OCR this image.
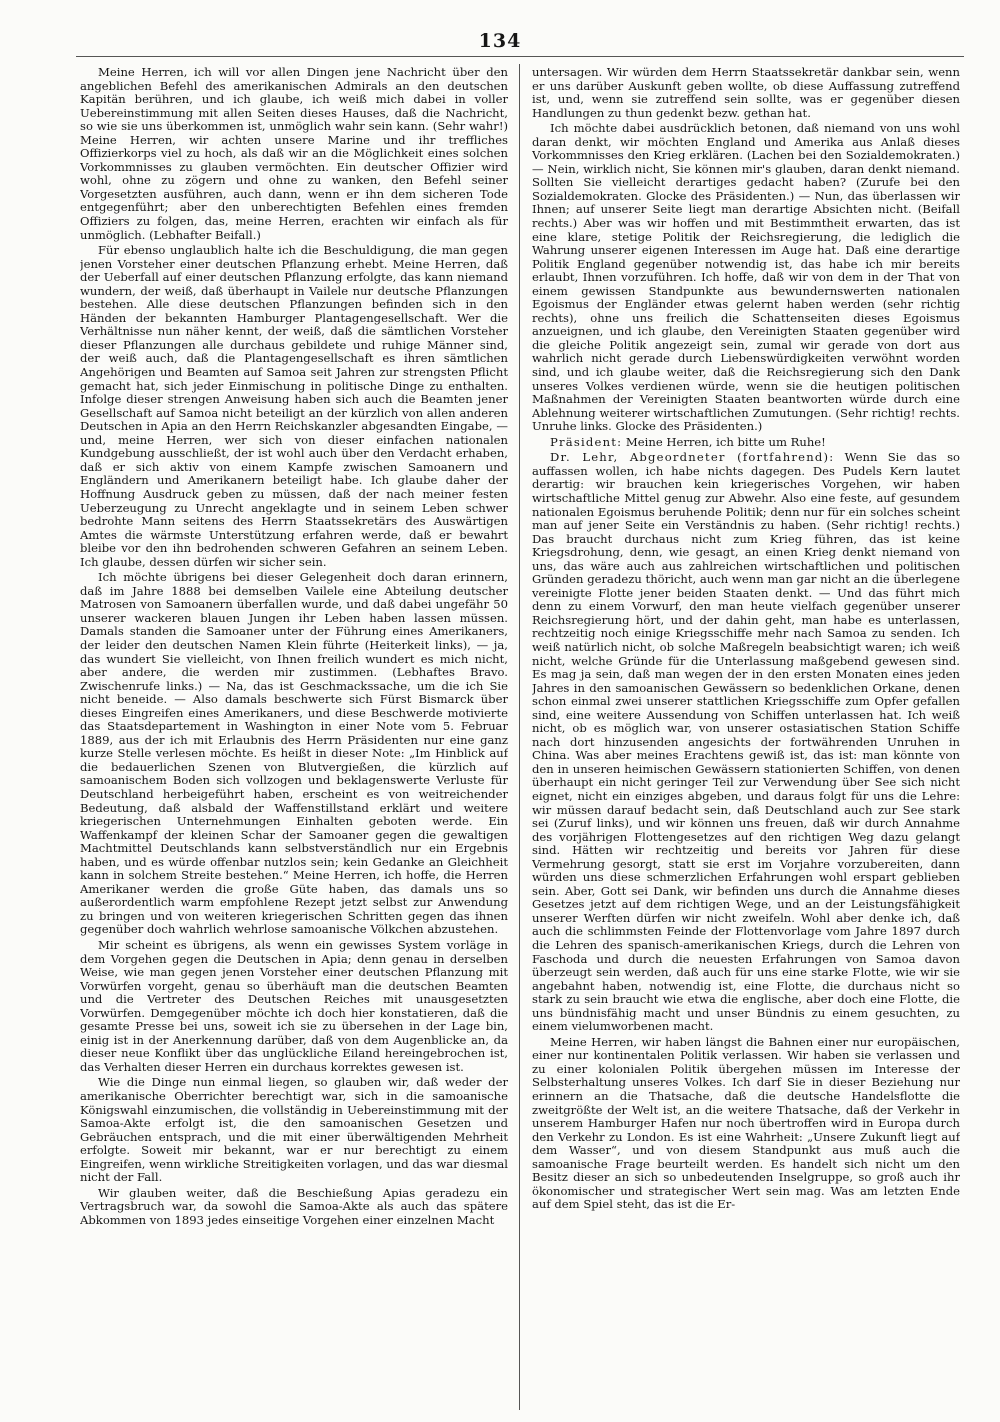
134

Meine Herren, ich will vor allen Dingen jene Nachricht über den angeblichen Befehl des amerikanischen Admirals an den deutschen Kapitän berühren, und ich glaube, ich weiß mich dabei in voller Uebereinstimmung mit allen Seiten dieses Hauses, daß die Nachricht, so wie sie uns überkommen ist, unmöglich wahr sein kann. (Sehr wahr!) Meine Herren, wir achten unsere Marine und ihr treffliches Offizierkorps viel zu hoch, als daß wir an die Möglichkeit eines solchen Vorkommnisses zu glauben vermöchten. Ein deutscher Offizier wird wohl, ohne zu zögern und ohne zu wanken, den Befehl seiner Vorgesetzten ausführen, auch dann, wenn er ihn dem sicheren Tode entgegenführt; aber den unberechtigten Befehlen eines fremden Offiziers zu folgen, das, meine Herren, erachten wir einfach als für unmöglich. (Lebhafter Beifall.)

Für ebenso unglaublich halte ich die Beschuldigung, die man gegen jenen Vorsteher einer deutschen Pflanzung erhebt. Meine Herren, daß der Ueberfall auf einer deutschen Pflanzung erfolgte, das kann niemand wundern, der weiß, daß überhaupt in Vailele nur deutsche Pflanzungen bestehen. Alle diese deutschen Pflanzungen befinden sich in den Händen der bekannten Hamburger Plantagengesellschaft. Wer die Verhältnisse nun näher kennt, der weiß, daß die sämtlichen Vorsteher dieser Pflanzungen alle durchaus gebildete und ruhige Männer sind, der weiß auch, daß die Plantagengesellschaft es ihren sämtlichen Angehörigen und Beamten auf Samoa seit Jahren zur strengsten Pflicht gemacht hat, sich jeder Einmischung in politische Dinge zu enthalten. Infolge dieser strengen Anweisung haben sich auch die Beamten jener Gesellschaft auf Samoa nicht beteiligt an der kürzlich von allen anderen Deutschen in Apia an den Herrn Reichskanzler abgesandten Eingabe, — und, meine Herren, wer sich von dieser einfachen nationalen Kundgebung ausschließt, der ist wohl auch über den Verdacht erhaben, daß er sich aktiv von einem Kampfe zwischen Samoanern und Engländern und Amerikanern beteiligt habe. Ich glaube daher der Hoffnung Ausdruck geben zu müssen, daß der nach meiner festen Ueberzeugung zu Unrecht angeklagte und in seinem Leben schwer bedrohte Mann seitens des Herrn Staatssekretärs des Auswärtigen Amtes die wärmste Unterstützung erfahren werde, daß er bewahrt bleibe vor den ihn bedrohenden schweren Gefahren an seinem Leben. Ich glaube, dessen dürfen wir sicher sein.

Ich möchte übrigens bei dieser Gelegenheit doch daran erinnern, daß im Jahre 1888 bei demselben Vailele eine Abteilung deutscher Matrosen von Samoanern überfallen wurde, und daß dabei ungefähr 50 unserer wackeren blauen Jungen ihr Leben haben lassen müssen. Damals standen die Samoaner unter der Führung eines Amerikaners, der leider den deutschen Namen Klein führte (Heiterkeit links), — ja, das wundert Sie vielleicht, von Ihnen freilich wundert es mich nicht, aber andere, die werden mir zustimmen. (Lebhaftes Bravo. Zwischenrufe links.) — Na, das ist Geschmackssache, um die ich Sie nicht beneide. — Also damals beschwerte sich Fürst Bismarck über dieses Eingreifen eines Amerikaners, und diese Beschwerde motivierte das Staatsdepartement in Washington in einer Note vom 5. Februar 1889, aus der ich mit Erlaubnis des Herrn Präsidenten nur eine ganz kurze Stelle verlesen möchte. Es heißt in dieser Note: „Im Hinblick auf die bedauerlichen Szenen von Blutvergießen, die kürzlich auf samoanischem Boden sich vollzogen und beklagenswerte Verluste für Deutschland herbeigeführt haben, erscheint es von weitreichender Bedeutung, daß alsbald der Waffenstillstand erklärt und weitere kriegerischen Unternehmungen Einhalten geboten werde. Ein Waffenkampf der kleinen Schar der Samoaner gegen die gewaltigen Machtmittel Deutschlands kann selbstverständlich nur ein Ergebnis haben, und es würde offenbar nutzlos sein; kein Gedanke an Gleichheit kann in solchem Streite bestehen.“ Meine Herren, ich hoffe, die Herren Amerikaner werden die große Güte haben, das damals uns so außerordentlich warm empfohlene Rezept jetzt selbst zur Anwendung zu bringen und von weiteren kriegerischen Schritten gegen das ihnen gegenüber doch wahrlich wehrlose samoanische Völkchen abzustehen.

Mir scheint es übrigens, als wenn ein gewisses System vorläge in dem Vorgehen gegen die Deutschen in Apia; denn genau in derselben Weise, wie man gegen jenen Vorsteher einer deutschen Pflanzung mit Vorwürfen vorgeht, genau so überhäuft man die deutschen Beamten und die Vertreter des Deutschen Reiches mit unausgesetzten Vorwürfen. Demgegenüber möchte ich doch hier konstatieren, daß die gesamte Presse bei uns, soweit ich sie zu übersehen in der Lage bin, einig ist in der Anerkennung darüber, daß von dem Augenblicke an, da dieser neue Konflikt über das unglückliche Eiland hereingebrochen ist, das Verhalten dieser Herren ein durchaus korrektes gewesen ist.

Wie die Dinge nun einmal liegen, so glauben wir, daß weder der amerikanische Oberrichter berechtigt war, sich in die samoanische Königswahl einzumischen, die vollständig in Uebereinstimmung mit der Samoa-Akte erfolgt ist, die den samoanischen Gesetzen und Gebräuchen entsprach, und die mit einer überwältigenden Mehrheit erfolgte. Soweit mir bekannt, war er nur berechtigt zu einem Eingreifen, wenn wirkliche Streitigkeiten vorlagen, und das war diesmal nicht der Fall.

Wir glauben weiter, daß die Beschießung Apias geradezu ein Vertragsbruch war, da sowohl die Samoa-Akte als auch das spätere Abkommen von 1893 jedes einseitige Vorgehen einer einzelnen Macht

untersagen. Wir würden dem Herrn Staatssekretär dankbar sein, wenn er uns darüber Auskunft geben wollte, ob diese Auffassung zutreffend ist, und, wenn sie zutreffend sein sollte, was er gegenüber diesen Handlungen zu thun gedenkt bezw. gethan hat.

Ich möchte dabei ausdrücklich betonen, daß niemand von uns wohl daran denkt, wir möchten England und Amerika aus Anlaß dieses Vorkommnisses den Krieg erklären. (Lachen bei den Sozialdemokraten.) — Nein, wirklich nicht, Sie können mir's glauben, daran denkt niemand. Sollten Sie vielleicht derartiges gedacht haben? (Zurufe bei den Sozialdemokraten. Glocke des Präsidenten.) — Nun, das überlassen wir Ihnen; auf unserer Seite liegt man derartige Absichten nicht. (Beifall rechts.) Aber was wir hoffen und mit Bestimmtheit erwarten, das ist eine klare, stetige Politik der Reichsregierung, die lediglich die Wahrung unserer eigenen Interessen im Auge hat. Daß eine derartige Politik England gegenüber notwendig ist, das habe ich mir bereits erlaubt, Ihnen vorzuführen. Ich hoffe, daß wir von dem in der That von einem gewissen Standpunkte aus bewundernswerten nationalen Egoismus der Engländer etwas gelernt haben werden (sehr richtig rechts), ohne uns freilich die Schattenseiten dieses Egoismus anzueignen, und ich glaube, den Vereinigten Staaten gegenüber wird die gleiche Politik angezeigt sein, zumal wir gerade von dort aus wahrlich nicht gerade durch Liebenswürdigkeiten verwöhnt worden sind, und ich glaube weiter, daß die Reichsregierung sich den Dank unseres Volkes verdienen würde, wenn sie die heutigen politischen Maßnahmen der Vereinigten Staaten beantworten würde durch eine Ablehnung weiterer wirtschaftlichen Zumutungen. (Sehr richtig! rechts. Unruhe links. Glocke des Präsidenten.)

Präsident: Meine Herren, ich bitte um Ruhe!

Dr. Lehr, Abgeordneter (fortfahrend): Wenn Sie das so auffassen wollen, ich habe nichts dagegen. Des Pudels Kern lautet derartig: wir brauchen kein kriegerisches Vorgehen, wir haben wirtschaftliche Mittel genug zur Abwehr. Also eine feste, auf gesundem nationalen Egoismus beruhende Politik; denn nur für ein solches scheint man auf jener Seite ein Verständnis zu haben. (Sehr richtig! rechts.) Das braucht durchaus nicht zum Krieg führen, das ist keine Kriegsdrohung, denn, wie gesagt, an einen Krieg denkt niemand von uns, das wäre auch aus zahlreichen wirtschaftlichen und politischen Gründen geradezu thöricht, auch wenn man gar nicht an die überlegene vereinigte Flotte jener beiden Staaten denkt. — Und das führt mich denn zu einem Vorwurf, den man heute vielfach gegenüber unserer Reichsregierung hört, und der dahin geht, man habe es unterlassen, rechtzeitig noch einige Kriegsschiffe mehr nach Samoa zu senden. Ich weiß natürlich nicht, ob solche Maßregeln beabsichtigt waren; ich weiß nicht, welche Gründe für die Unterlassung maßgebend gewesen sind. Es mag ja sein, daß man wegen der in den ersten Monaten eines jeden Jahres in den samoanischen Gewässern so bedenklichen Orkane, denen schon einmal zwei unserer stattlichen Kriegsschiffe zum Opfer gefallen sind, eine weitere Aussendung von Schiffen unterlassen hat. Ich weiß nicht, ob es möglich war, von unserer ostasiatischen Station Schiffe nach dort hinzusenden angesichts der fortwährenden Unruhen in China. Was aber meines Erachtens gewiß ist, das ist: man könnte von den in unseren heimischen Gewässern stationierten Schiffen, von denen überhaupt ein nicht geringer Teil zur Verwendung über See sich nicht eignet, nicht ein einziges abgeben, und daraus folgt für uns die Lehre: wir müssen darauf bedacht sein, daß Deutschland auch zur See stark sei (Zuruf links), und wir können uns freuen, daß wir durch Annahme des vorjährigen Flottengesetzes auf den richtigen Weg dazu gelangt sind. Hätten wir rechtzeitig und bereits vor Jahren für diese Vermehrung gesorgt, statt sie erst im Vorjahre vorzubereiten, dann würden uns diese schmerzlichen Erfahrungen wohl erspart geblieben sein. Aber, Gott sei Dank, wir befinden uns durch die Annahme dieses Gesetzes jetzt auf dem richtigen Wege, und an der Leistungsfähigkeit unserer Werften dürfen wir nicht zweifeln. Wohl aber denke ich, daß auch die schlimmsten Feinde der Flottenvorlage vom Jahre 1897 durch die Lehren des spanisch-amerikanischen Kriegs, durch die Lehren von Faschoda und durch die neuesten Erfahrungen von Samoa davon überzeugt sein werden, daß auch für uns eine starke Flotte, wie wir sie angebahnt haben, notwendig ist, eine Flotte, die durchaus nicht so stark zu sein braucht wie etwa die englische, aber doch eine Flotte, die uns bündnisfähig macht und unser Bündnis zu einem gesuchten, zu einem vielumworbenen macht.

Meine Herren, wir haben längst die Bahnen einer nur europäischen, einer nur kontinentalen Politik verlassen. Wir haben sie verlassen und zu einer kolonialen Politik übergehen müssen im Interesse der Selbsterhaltung unseres Volkes. Ich darf Sie in dieser Beziehung nur erinnern an die Thatsache, daß die deutsche Handelsflotte die zweitgrößte der Welt ist, an die weitere Thatsache, daß der Verkehr in unserem Hamburger Hafen nur noch übertroffen wird in Europa durch den Verkehr zu London. Es ist eine Wahrheit: „Unsere Zukunft liegt auf dem Wasser“, und von diesem Standpunkt aus muß auch die samoanische Frage beurteilt werden. Es handelt sich nicht um den Besitz dieser an sich so unbedeutenden Inselgruppe, so groß auch ihr ökonomischer und strategischer Wert sein mag. Was am letzten Ende auf dem Spiel steht, das ist die Er-
